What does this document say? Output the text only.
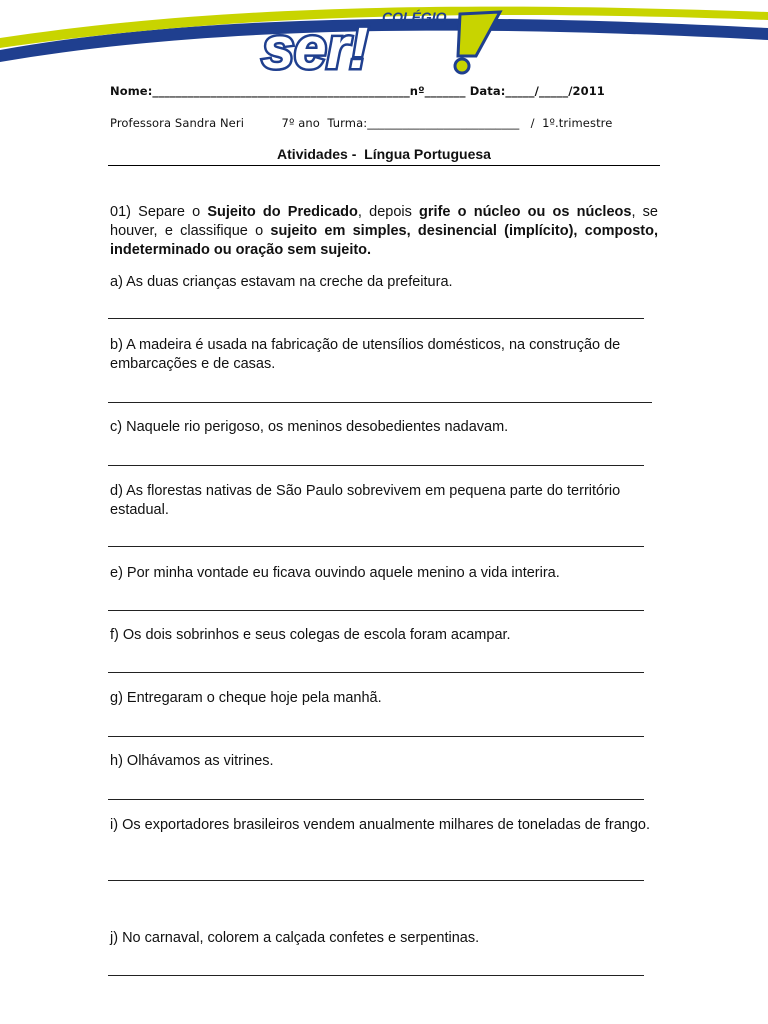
COLÉGIO
ser!
Nome:____________________________________________nº_______ Data:_____/_____/2011
Professora Sandra Neri          7º ano  Turma:__________________________   /  1º.trimestre
Atividades -  Língua Portuguesa
01) Separe o Sujeito do Predicado, depois grife o núcleo ou os núcleos, se houver, e classifique o sujeito em simples, desinencial (implícito), composto, indeterminado ou oração sem sujeito.
a) As duas crianças estavam na creche da prefeitura.
b) A madeira é usada na fabricação de utensílios domésticos, na construção de embarcações e de casas.
c) Naquele rio perigoso, os meninos desobedientes nadavam.
d) As florestas nativas de São Paulo sobrevivem em pequena parte do território estadual.
e) Por minha vontade eu ficava ouvindo aquele menino a vida interira.
f) Os dois sobrinhos e seus colegas de escola foram acampar.
g) Entregaram o cheque hoje pela manhã.
h) Olhávamos as vitrines.
i) Os exportadores brasileiros vendem anualmente milhares de toneladas de frango.
j) No carnaval, colorem a calçada confetes e serpentinas.
